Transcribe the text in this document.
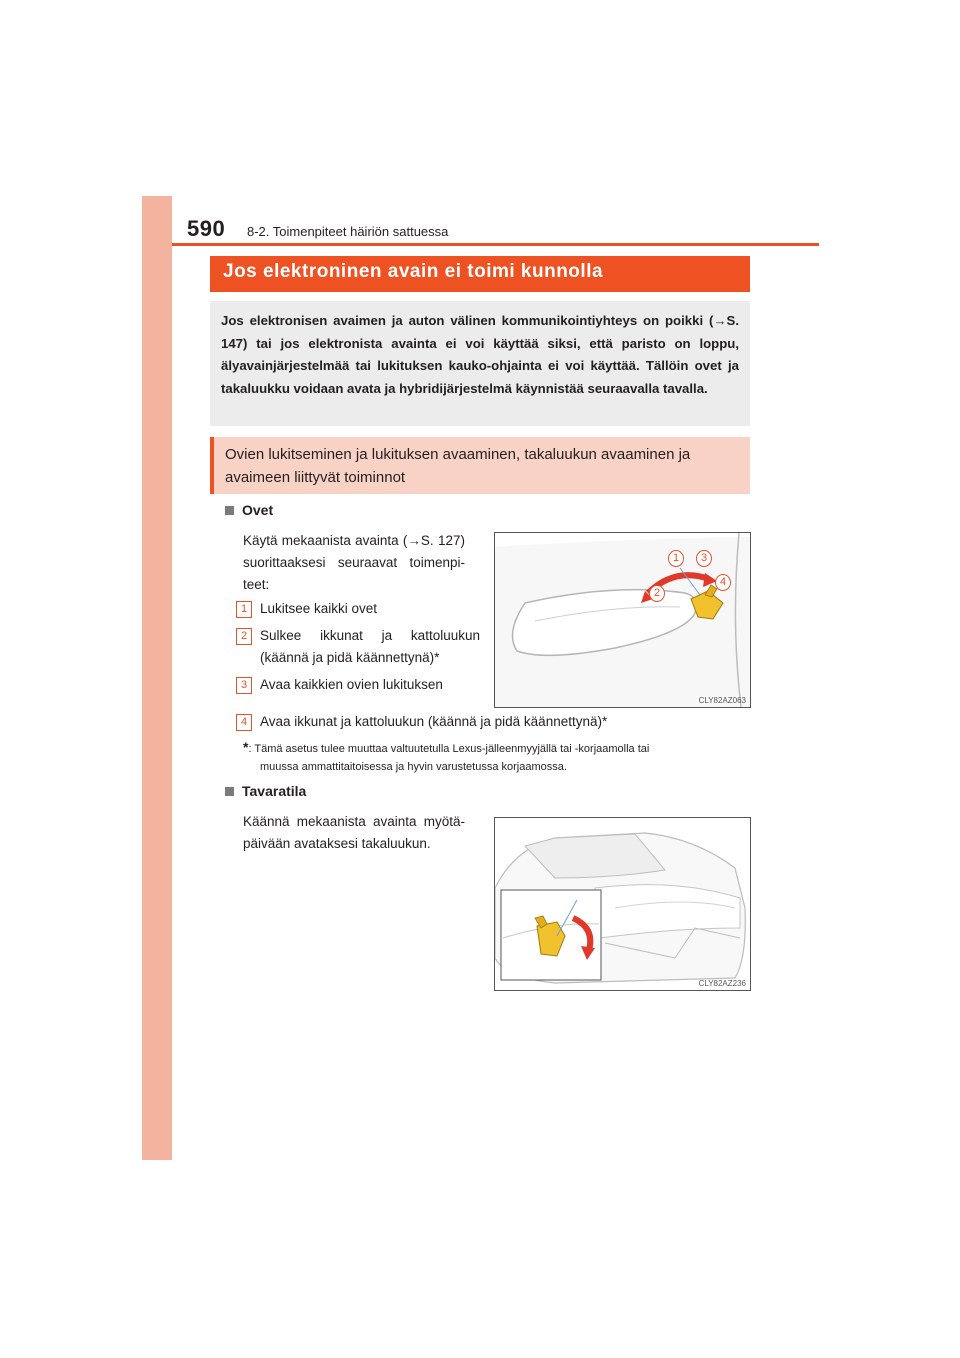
590 8-2. Toimenpiteet häiriön sattuessa
Jos elektroninen avain ei toimi kunnolla
Jos elektronisen avaimen ja auton välinen kommunikointiyhteys on poikki (→S. 147) tai jos elektronista avainta ei voi käyttää siksi, että paristo on loppu, älyavainjärjestelmää tai lukituksen kauko-ohjainta ei voi käyttää. Tällöin ovet ja takaluukku voidaan avata ja hybridijärjestelmä käynnistää seuraavalla tavalla.
Ovien lukitseminen ja lukituksen avaaminen, takaluukun avaaminen ja avaimeen liittyvät toiminnot
Ovet
Käytä mekaanista avainta (→S. 127) suorittaaksesi seuraavat toimenpi-teet:
1 Lukitsee kaikki ovet
2 Sulkee ikkunat ja kattoluukun (käännä ja pidä käännettynä)*
3 Avaa kaikkien ovien lukituksen
4 Avaa ikkunat ja kattoluukun (käännä ja pidä käännettynä)*
*: Tämä asetus tulee muuttaa valtuutetulla Lexus-jälleenmyyjällä tai -korjaamolla tai
muussa ammattitaitoisessa ja hyvin varustetussa korjaamossa.
1	3
2
4
CLY82AZ063
Tavaratila
Käännä mekaanista avainta myötä-päivään avataksesi takaluukun.
CLY82AZ236
